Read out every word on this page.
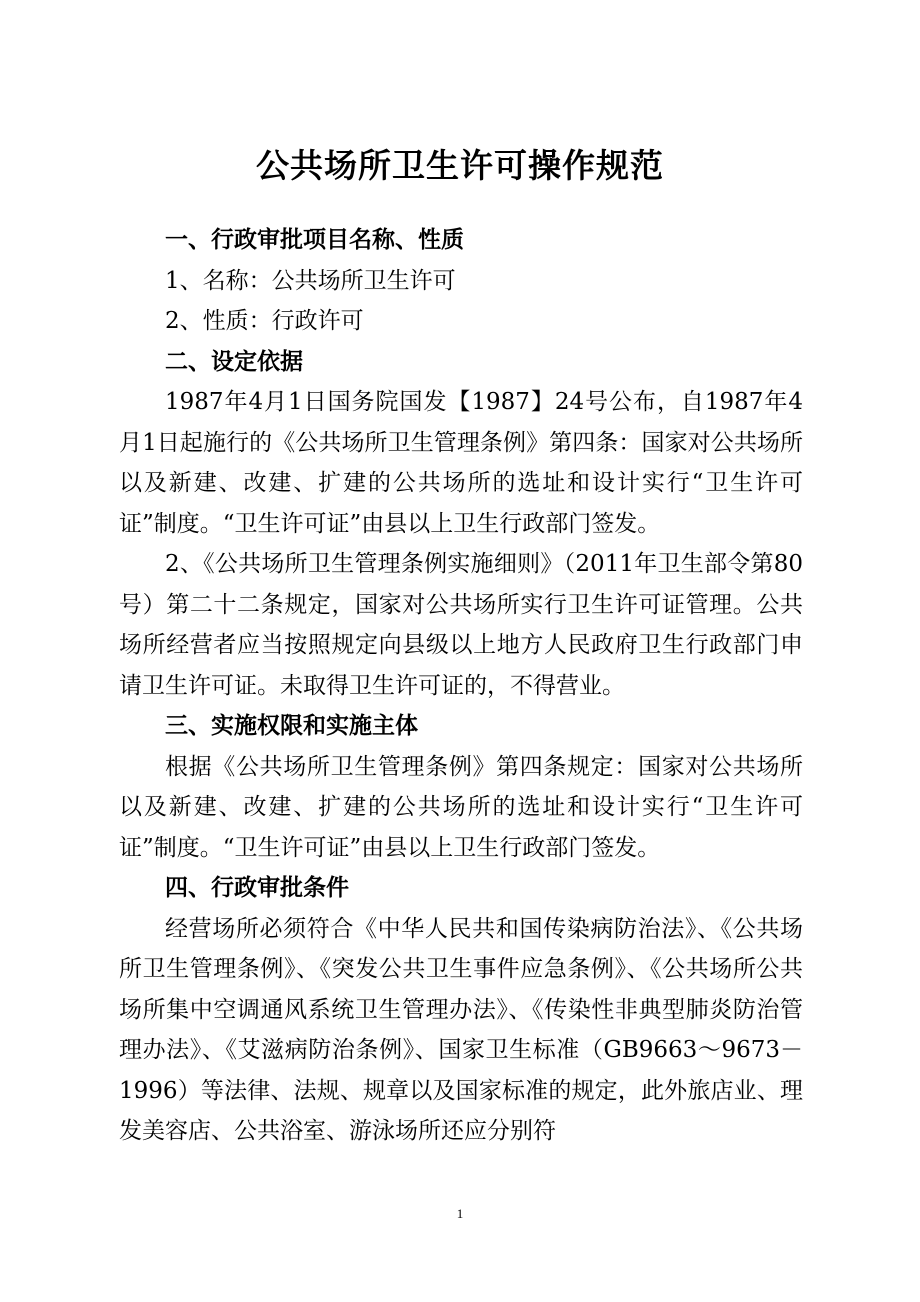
公共场所卫生许可操作规范

一、行政审批项目名称、性质

1、名称：公共场所卫生许可

2、性质：行政许可

二、设定依据

1987年4月1日国务院国发【1987】24号公布，自1987年4月1日起施行的《公共场所卫生管理条例》第四条：国家对公共场所以及新建、改建、扩建的公共场所的选址和设计实行“卫生许可证”制度。“卫生许可证”由县以上卫生行政部门签发。

2、《公共场所卫生管理条例实施细则》（2011年卫生部令第80号）第二十二条规定，国家对公共场所实行卫生许可证管理。公共场所经营者应当按照规定向县级以上地方人民政府卫生行政部门申请卫生许可证。未取得卫生许可证的，不得营业。

三、实施权限和实施主体

根据《公共场所卫生管理条例》第四条规定：国家对公共场所以及新建、改建、扩建的公共场所的选址和设计实行“卫生许可证”制度。“卫生许可证”由县以上卫生行政部门签发。

四、行政审批条件

经营场所必须符合《中华人民共和国传染病防治法》、《公共场所卫生管理条例》、《突发公共卫生事件应急条例》、《公共场所公共场所集中空调通风系统卫生管理办法》、《传染性非典型肺炎防治管理办法》、《艾滋病防治条例》、国家卫生标准（GB9663～9673－1996）等法律、法规、规章以及国家标准的规定，此外旅店业、理发美容店、公共浴室、游泳场所还应分别符

1
